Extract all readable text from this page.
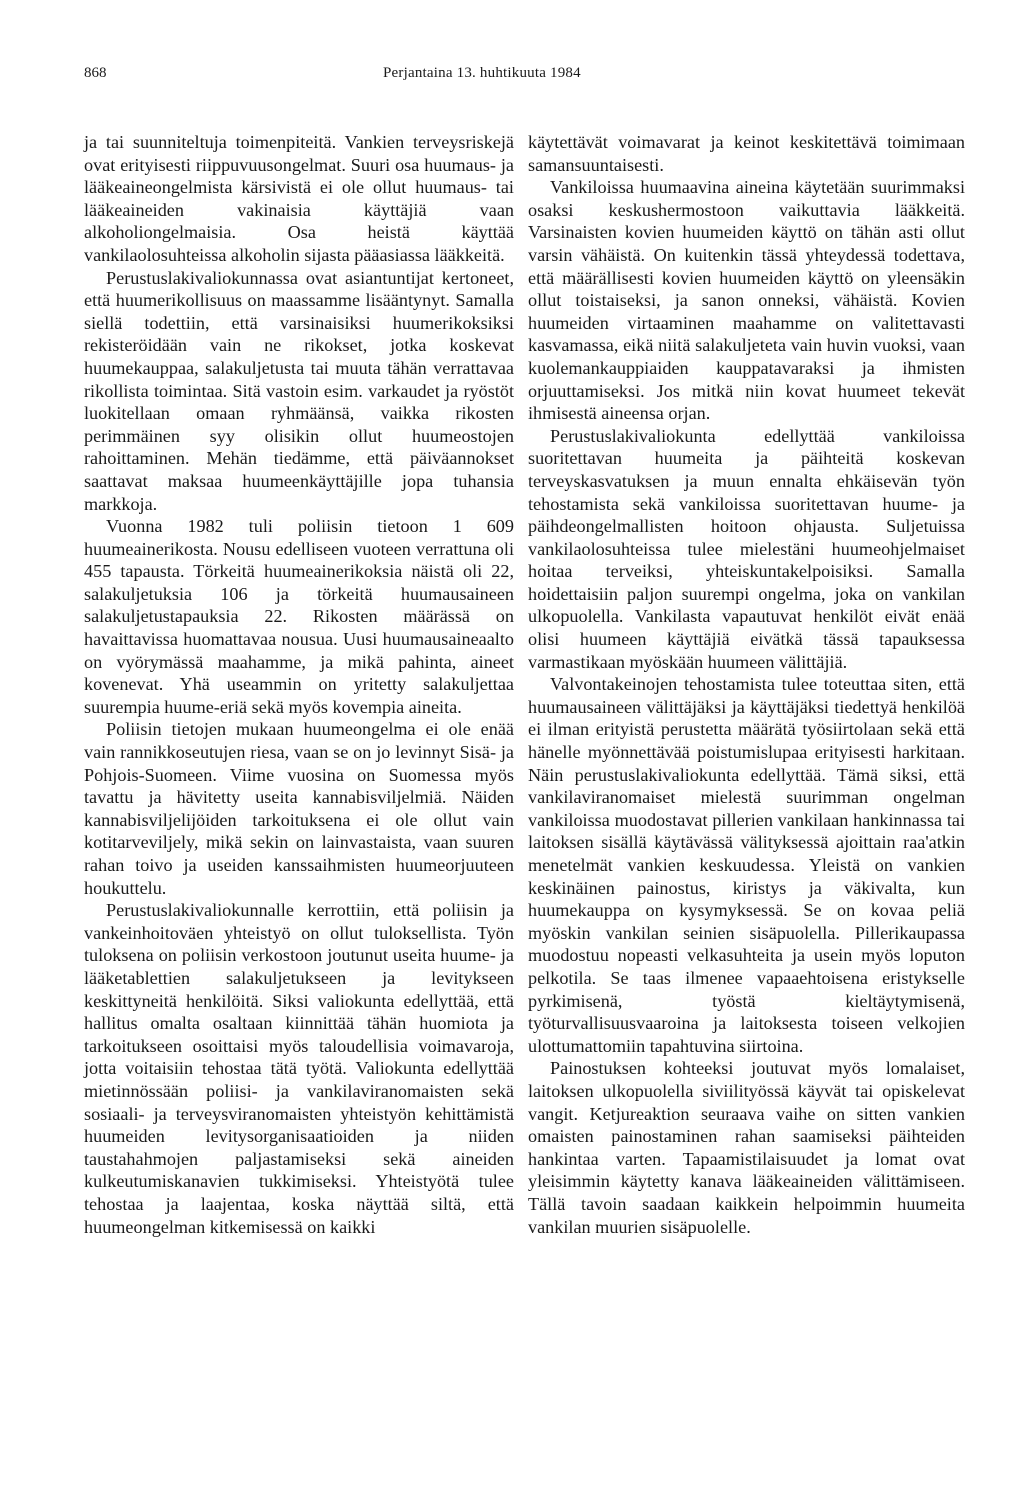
868	Perjantaina 13. huhtikuuta 1984

ja tai suunniteltuja toimenpiteitä. Vankien terveysriskejä ovat erityisesti riippuvuusongelmat. Suuri osa huumaus- ja lääkeaineongelmista kärsivistä ei ole ollut huumaus- tai lääkeaineiden vakinaisia käyttäjiä vaan alkoholiongelmaisia. Osa heistä käyttää vankilaolosuhteissa alkoholin sijasta pääasiassa lääkkeitä.

Perustuslakivaliokunnassa ovat asiantuntijat kertoneet, että huumerikollisuus on maassamme lisääntynyt. Samalla siellä todettiin, että varsinaisiksi huumerikoksiksi rekisteröidään vain ne rikokset, jotka koskevat huumekauppaa, salakuljetusta tai muuta tähän verrattavaa rikollista toimintaa. Sitä vastoin esim. varkaudet ja ryöstöt luokitellaan omaan ryhmäänsä, vaikka rikosten perimmäinen syy olisikin ollut huumeostojen rahoittaminen. Mehän tiedämme, että päiväannokset saattavat maksaa huumeenkäyttäjille jopa tuhansia markkoja.

Vuonna 1982 tuli poliisin tietoon 1 609 huumeainerikosta. Nousu edelliseen vuoteen verrattuna oli 455 tapausta. Törkeitä huumeainerikoksia näistä oli 22, salakuljetuksia 106 ja törkeitä huumausaineen salakuljetustapauksia 22. Rikosten määrässä on havaittavissa huomattavaa nousua. Uusi huumausaineaalto on vyörymässä maahamme, ja mikä pahinta, aineet kovenevat. Yhä useammin on yritetty salakuljettaa suurempia huume-eriä sekä myös kovempia aineita.

Poliisin tietojen mukaan huumeongelma ei ole enää vain rannikkoseutujen riesa, vaan se on jo levinnyt Sisä- ja Pohjois-Suomeen. Viime vuosina on Suomessa myös tavattu ja hävitetty useita kannabisviljelmiä. Näiden kannabisviljelijöiden tarkoituksena ei ole ollut vain kotitarveviljely, mikä sekin on lainvastaista, vaan suuren rahan toivo ja useiden kanssaihmisten huumeorjuuteen houkuttelu.

Perustuslakivaliokunnalle kerrottiin, että poliisin ja vankeinhoitoväen yhteistyö on ollut tuloksellista. Työn tuloksena on poliisin verkostoon joutunut useita huume- ja lääketablettien salakuljetukseen ja levitykseen keskittyneitä henkilöitä. Siksi valiokunta edellyttää, että hallitus omalta osaltaan kiinnittää tähän huomiota ja tarkoitukseen osoittaisi myös taloudellisia voimavaroja, jotta voitaisiin tehostaa tätä työtä. Valiokunta edellyttää mietinnössään poliisi- ja vankilaviranomaisten sekä sosiaali- ja terveysviranomaisten yhteistyön kehittämistä huumeiden levitysorganisaatioiden ja niiden taustahahmojen paljastamiseksi sekä aineiden kulkeutumiskanavien tukkimiseksi. Yhteistyötä tulee tehostaa ja laajentaa, koska näyttää siltä, että huumeongelman kitkemisessä on kaikki

käytettävät voimavarat ja keinot keskitettävä toimimaan samansuuntaisesti.

Vankiloissa huumaavina aineina käytetään suurimmaksi osaksi keskushermostoon vaikuttavia lääkkeitä. Varsinaisten kovien huumeiden käyttö on tähän asti ollut varsin vähäistä. On kuitenkin tässä yhteydessä todettava, että määrällisesti kovien huumeiden käyttö on yleensäkin ollut toistaiseksi, ja sanon onneksi, vähäistä. Kovien huumeiden virtaaminen maahamme on valitettavasti kasvamassa, eikä niitä salakuljeteta vain huvin vuoksi, vaan kuolemankauppiaiden kauppatavaraksi ja ihmisten orjuuttamiseksi. Jos mitkä niin kovat huumeet tekevät ihmisestä aineensa orjan.

Perustuslakivaliokunta edellyttää vankiloissa suoritettavan huumeita ja päihteitä koskevan terveyskasvatuksen ja muun ennalta ehkäisevän työn tehostamista sekä vankiloissa suoritettavan huume- ja päihdeongelmallisten hoitoon ohjausta. Suljetuissa vankilaolosuhteissa tulee mielestäni huumeohjelmaiset hoitaa terveiksi, yhteiskuntakelpoisiksi. Samalla hoidettaisiin paljon suurempi ongelma, joka on vankilan ulkopuolella. Vankilasta vapautuvat henkilöt eivät enää olisi huumeen käyttäjiä eivätkä tässä tapauksessa varmastikaan myöskään huumeen välittäjiä.

Valvontakeinojen tehostamista tulee toteuttaa siten, että huumausaineen välittäjäksi ja käyttäjäksi tiedettyä henkilöä ei ilman erityistä perustetta määrätä työsiirtolaan sekä että hänelle myönnettävää poistumislupaa erityisesti harkitaan. Näin perustuslakivaliokunta edellyttää. Tämä siksi, että vankilaviranomaiset mielestä suurimman ongelman vankiloissa muodostavat pillerien vankilaan hankinnassa tai laitoksen sisällä käytävässä välityksessä ajoittain raa'atkin menetelmät vankien keskuudessa. Yleistä on vankien keskinäinen painostus, kiristys ja väkivalta, kun huumekauppa on kysymyksessä. Se on kovaa peliä myöskin vankilan seinien sisäpuolella. Pillerikaupassa muodostuu nopeasti velkasuhteita ja usein myös loputon pelkotila. Se taas ilmenee vapaaehtoisena eristykselle pyrkimisenä, työstä kieltäytymisenä, työturvallisuusvaaroina ja laitoksesta toiseen velkojien ulottumattomiin tapahtuvina siirtoina.

Painostuksen kohteeksi joutuvat myös lomalaiset, laitoksen ulkopuolella siviilityössä käyvät tai opiskelevat vangit. Ketjureaktion seuraava vaihe on sitten vankien omaisten painostaminen rahan saamiseksi päihteiden hankintaa varten. Tapaamistilaisuudet ja lomat ovat yleisimmin käytetty kanava lääkeaineiden välittämiseen. Tällä tavoin saadaan kaikkein helpoimmin huumeita vankilan muurien sisäpuolelle.
